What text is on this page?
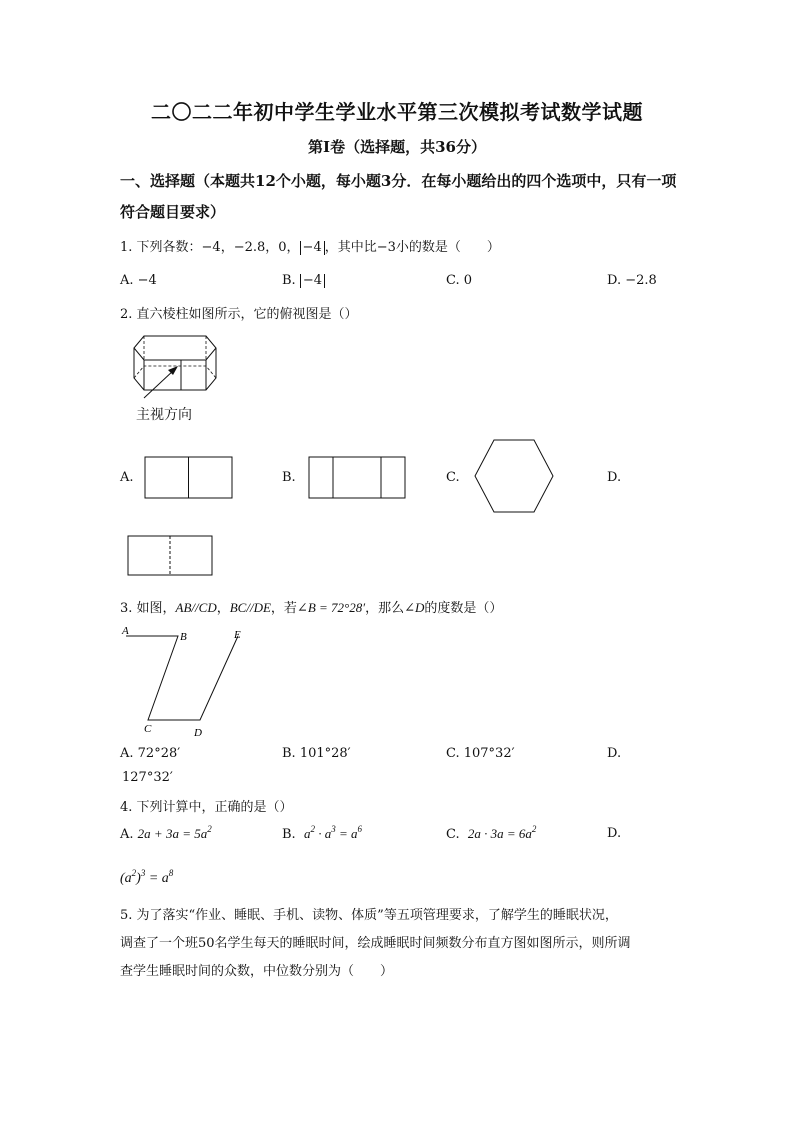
二〇二二年初中学生学业水平第三次模拟考试数学试题
第I卷（选择题，共36分）
一、选择题（本题共12个小题，每小题3分．在每小题给出的四个选项中，只有一项符合题目要求）
1. 下列各数：−4，−2.8，0， −4 ，其中比−3小的数是（　　）
A. −4	B. −4	C. 0	D. −2.8
2. 直六棱柱如图所示，它的俯视图是（）
主视方向
A.	B.	C.	D.
3. 如图，AB//CD，BC//DE，若∠B = 72°28′，那么∠D的度数是（）
A	B	E
C	D
A. 72°28′	B. 101°28′	C. 107°32′	D.
127°32′
4. 下列计算中，正确的是（）
A. $2a + 3a = 5a^2$	B. $a^2 \cdot a^3 = a^6$	C. $2a \cdot 3a = 6a^2$	D.
$(a^2)^3 = a^8$
5. 为了落实“作业、睡眠、手机、读物、体质”等五项管理要求，了解学生的睡眠状况，
调查了一个班50名学生每天的睡眠时间，绘成睡眠时间频数分布直方图如图所示，则所调
查学生睡眠时间的众数，中位数分别为（　　）
